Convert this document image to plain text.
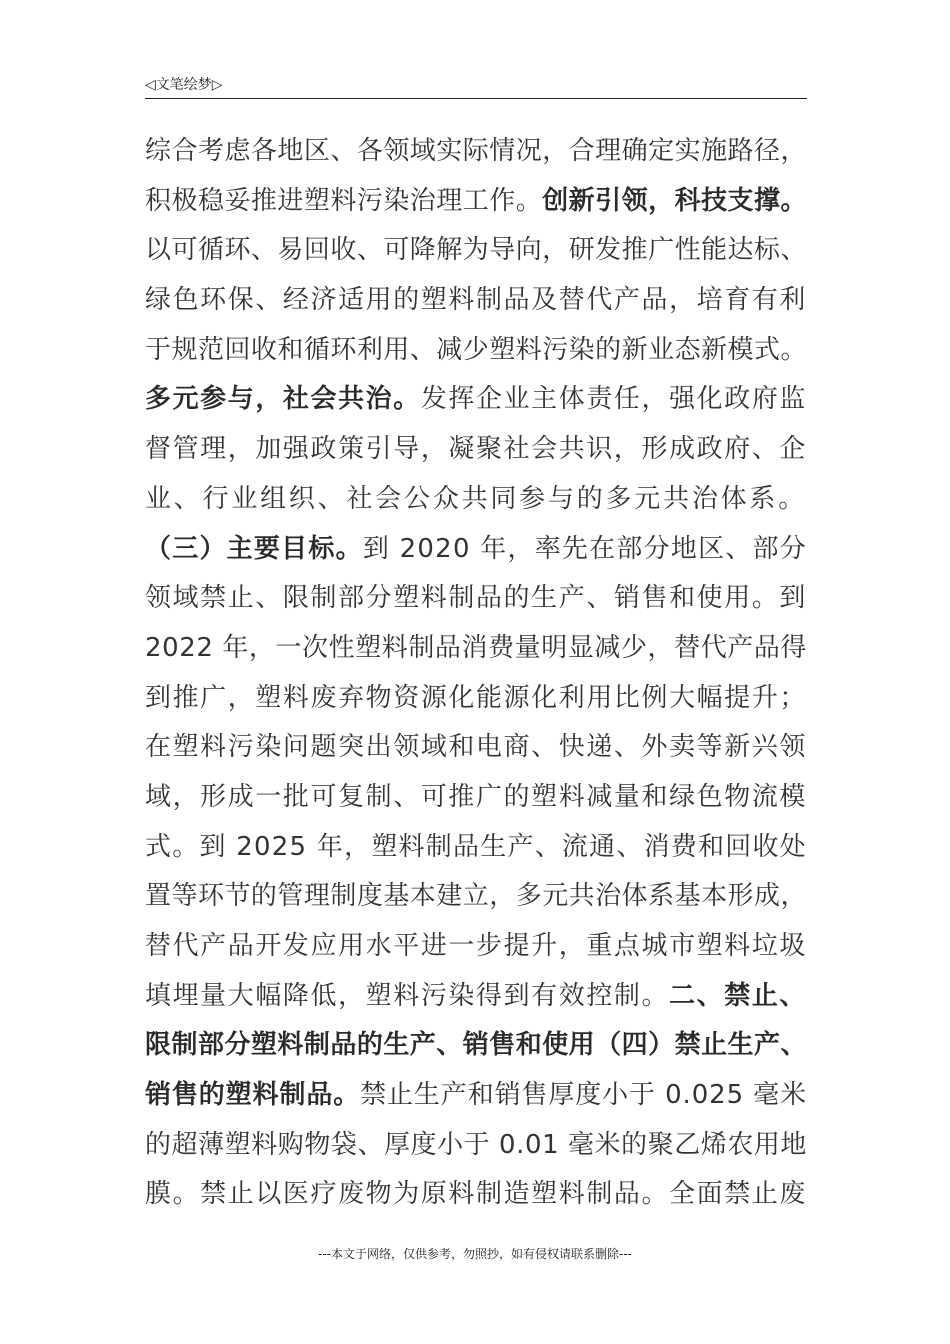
◁文笔绘梦▷
综合考虑各地区、各领域实际情况，合理确定实施路径，
积极稳妥推进塑料污染治理工作。创新引领，科技支撑。
以可循环、易回收、可降解为导向，研发推广性能达标、
绿色环保、经济适用的塑料制品及替代产品，培育有利
于规范回收和循环利用、减少塑料污染的新业态新模式。
多元参与，社会共治。发挥企业主体责任，强化政府监
督管理，加强政策引导，凝聚社会共识，形成政府、企
业、行业组织、社会公众共同参与的多元共治体系。
（三）主要目标。到 2020 年，率先在部分地区、部分
领域禁止、限制部分塑料制品的生产、销售和使用。到
2022 年，一次性塑料制品消费量明显减少，替代产品得
到推广，塑料废弃物资源化能源化利用比例大幅提升；
在塑料污染问题突出领域和电商、快递、外卖等新兴领
域，形成一批可复制、可推广的塑料减量和绿色物流模
式。到 2025 年，塑料制品生产、流通、消费和回收处
置等环节的管理制度基本建立，多元共治体系基本形成，
替代产品开发应用水平进一步提升，重点城市塑料垃圾
填埋量大幅降低，塑料污染得到有效控制。二、禁止、
限制部分塑料制品的生产、销售和使用（四）禁止生产、
销售的塑料制品。禁止生产和销售厚度小于 0.025 毫米
的超薄塑料购物袋、厚度小于 0.01 毫米的聚乙烯农用地
膜。禁止以医疗废物为原料制造塑料制品。全面禁止废
---本文于网络，仅供参考，勿照抄，如有侵权请联系删除---
